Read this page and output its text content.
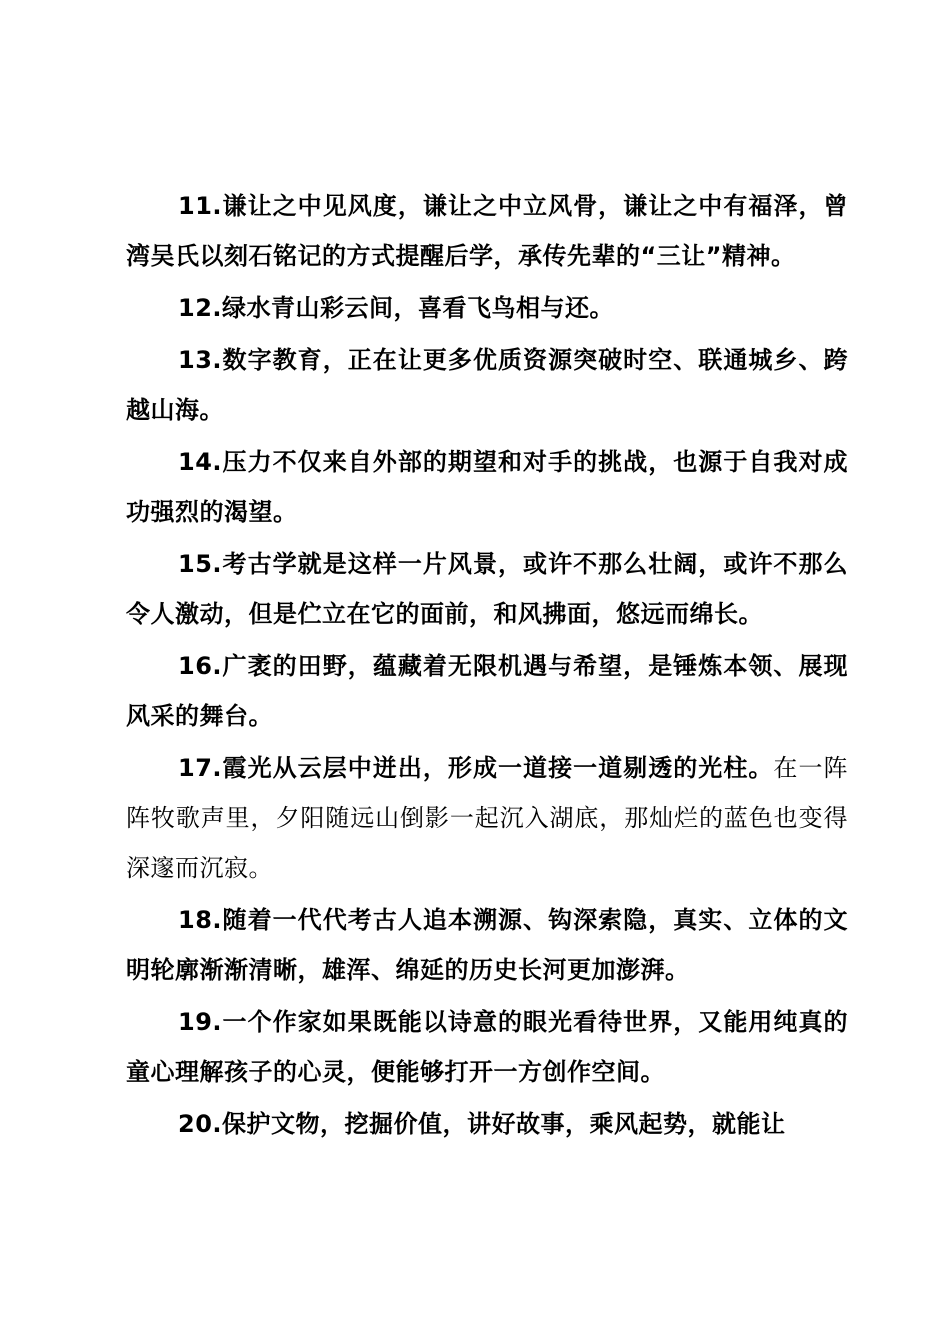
11.谦让之中见风度，谦让之中立风骨，谦让之中有福泽，曾湾吴氏以刻石铭记的方式提醒后学，承传先辈的“三让”精神。

12.绿水青山彩云间，喜看飞鸟相与还。

13.数字教育，正在让更多优质资源突破时空、联通城乡、跨越山海。

14.压力不仅来自外部的期望和对手的挑战，也源于自我对成功强烈的渴望。

15.考古学就是这样一片风景，或许不那么壮阔，或许不那么令人激动，但是伫立在它的面前，和风拂面，悠远而绵长。

16.广袤的田野，蕴藏着无限机遇与希望，是锤炼本领、展现风采的舞台。

17.霞光从云层中迸出，形成一道接一道剔透的光柱。在一阵阵牧歌声里，夕阳随远山倒影一起沉入湖底，那灿烂的蓝色也变得深邃而沉寂。

18.随着一代代考古人追本溯源、钩深索隐，真实、立体的文明轮廓渐渐清晰，雄浑、绵延的历史长河更加澎湃。

19.一个作家如果既能以诗意的眼光看待世界，又能用纯真的童心理解孩子的心灵，便能够打开一方创作空间。

20.保护文物，挖掘价值，讲好故事，乘风起势，就能让
